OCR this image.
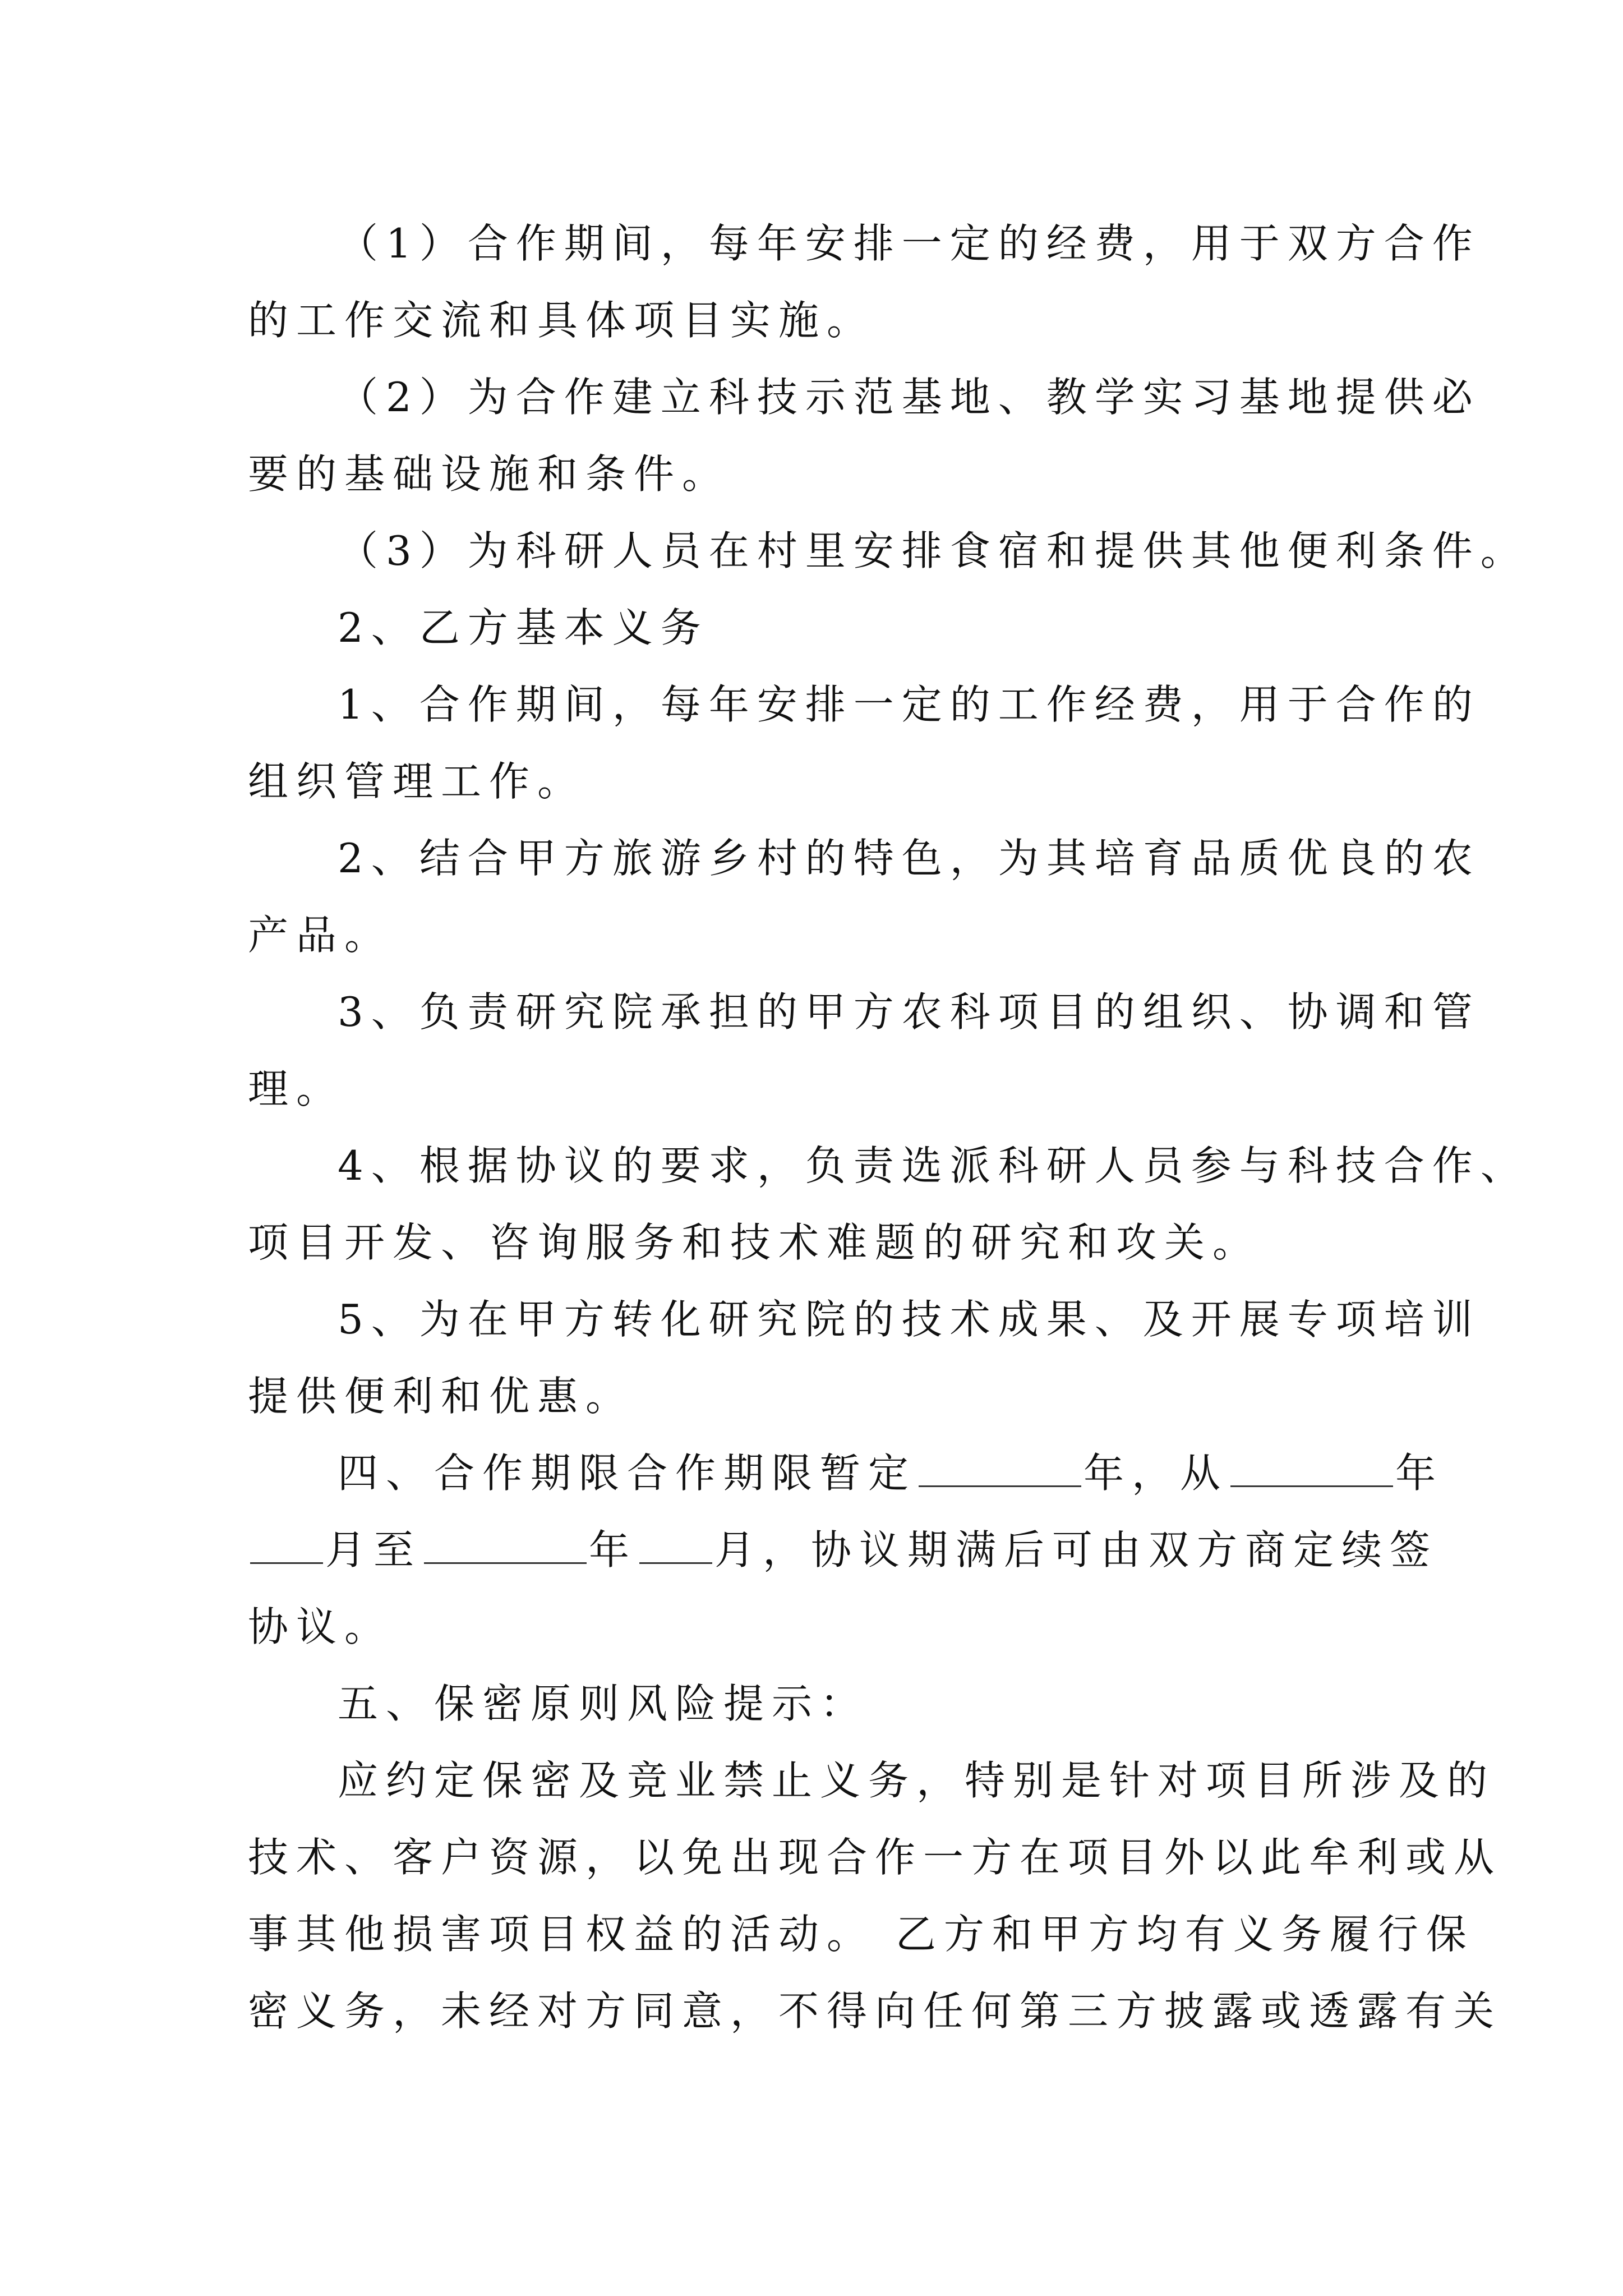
（1）合作期间，每年安排一定的经费，用于双方合作
的工作交流和具体项目实施。
（2）为合作建立科技示范基地、教学实习基地提供必
要的基础设施和条件。
（3）为科研人员在村里安排食宿和提供其他便利条件。
2、乙方基本义务
1、合作期间，每年安排一定的工作经费，用于合作的
组织管理工作。
2、结合甲方旅游乡村的特色，为其培育品质优良的农
产品。
3、负责研究院承担的甲方农科项目的组织、协调和管
理。
4、根据协议的要求，负责选派科研人员参与科技合作、
项目开发、咨询服务和技术难题的研究和攻关。
5、为在甲方转化研究院的技术成果、及开展专项培训
提供便利和优惠。
四、合作期限合作期限暂定	年，从	年
月至	年 月，协议期满后可由双方商定续签
协议。
五、保密原则风险提示：
应约定保密及竞业禁止义务，特别是针对项目所涉及的
技术、客户资源，以免出现合作一方在项目外以此牟利或从
事其他损害项目权益的活动。 乙方和甲方均有义务履行保
密义务，未经对方同意，不得向任何第三方披露或透露有关
